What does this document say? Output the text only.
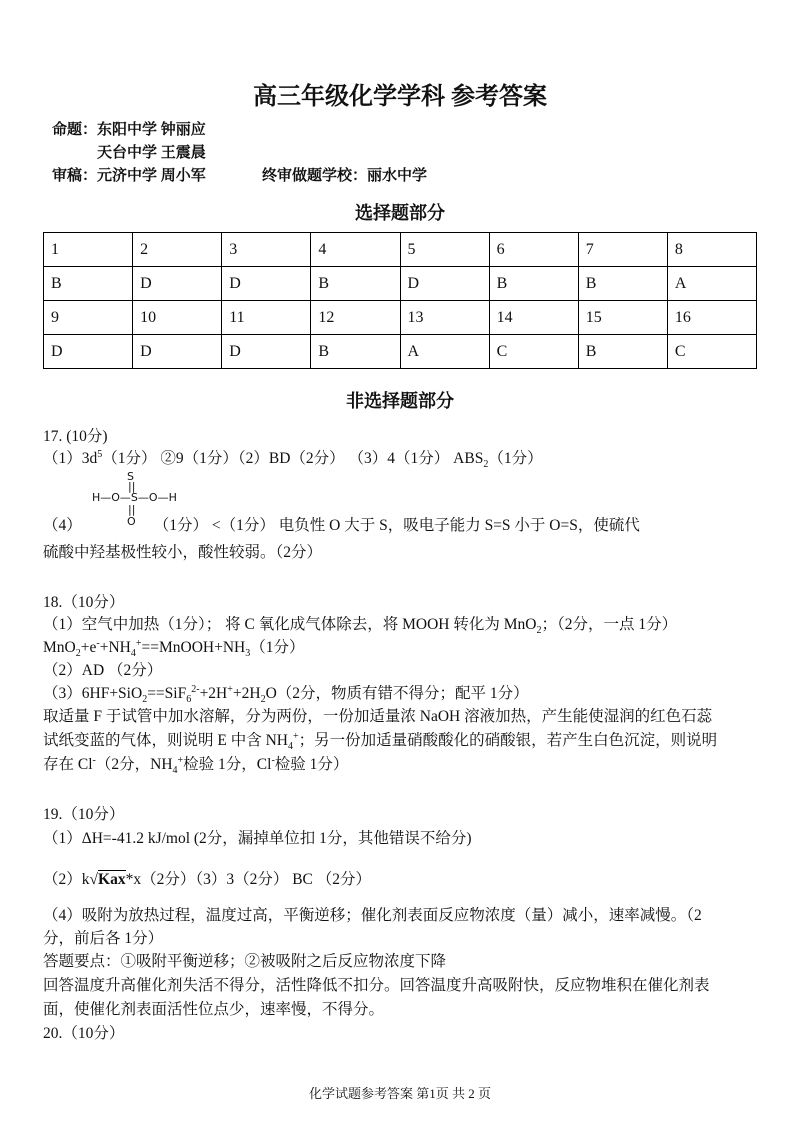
高三年级化学学科 参考答案
命题：东阳中学 钟丽应
天台中学 王震晨
审稿：元济中学 周小军	终审做题学校：丽水中学
选择题部分
1	2	3	4	5	6	7	8
B	D	D	B	D	B	B	A
9	10	11	12	13	14	15	16
D	D	D	B	A	C	B	C
非选择题部分
17. (10分)
$(1)3d^5(1$分） ②9（1分）（2）BD（2分） （3）4（1分） $ABS_2(1$分）
（4）	（1分） <（1分） 电负性 O 大于 S，吸电子能力 S=S 小于 O=S，使硫代
硫酸中羟基极性较小，酸性较弱。（2分）
18.（10分）
（1）空气中加热（1分）； 将 C 氧化成气体除去，将 MOOH 转化为 MnO$_2$；（2分，一点 1分）
$MnO_2+e^-+NH_4^+==MnOOH+NH_3(1$分）
（2）AD （2分）
$(3)6HF+SiO_2==SiF_6^{2-}+2H^++2H_2O(2$分，物质有错不得分；配平 1分）
取适量 F 于试管中加水溶解，分为两份，一份加适量浓 NaOH 溶液加热，产生能使湿润的红色石蕊
试纸变蓝的气体，则说明 E 中含 $NH_4^+$；另一份加适量硝酸酸化的硝酸银，若产生白色沉淀，则说明
存在 Cl-（2分，$NH_4^+$检验 1分，Cl-检验 1分）
19.（10分）
（1）ΔH=-41.2 kJ/mol (2分，漏掉单位扣 1分，其他错误不给分)
（2）k√Kax*x（2分）（3）3（2分） BC （2分）
（4）吸附为放热过程，温度过高，平衡逆移；催化剂表面反应物浓度（量）减小，速率减慢。（2
分，前后各 1分）
答题要点：①吸附平衡逆移；②被吸附之后反应物浓度下降
回答温度升高催化剂失活不得分，活性降低不扣分。回答温度升高吸附快，反应物堆积在催化剂表
面，使催化剂表面活性位点少，速率慢，不得分。
20.（10分）
S
||
H—O—S—O—H
||
O
化学试题参考答案 第1页 共 2 页
